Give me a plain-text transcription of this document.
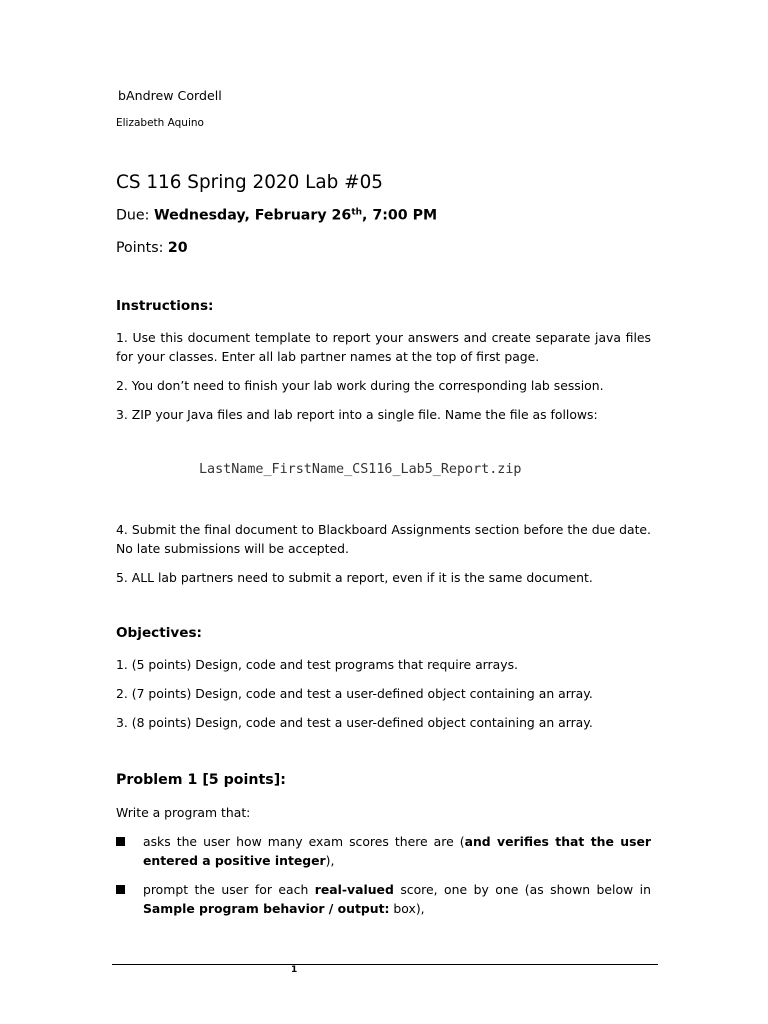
bAndrew Cordell
Elizabeth Aquino
CS 116 Spring 2020 Lab #05
Due: Wednesday, February 26th, 7:00 PM
Points: 20
Instructions:
1. Use this document template to report your answers and create separate java files for your classes. Enter all lab partner names at the top of first page.
2. You don’t need to finish your lab work during the corresponding lab session.
3. ZIP your Java files and lab report into a single file. Name the file as follows:
LastName_FirstName_CS116_Lab5_Report.zip
4. Submit the final document to Blackboard Assignments section before the due date. No late submissions will be accepted.
5. ALL lab partners need to submit a report, even if it is the same document.
Objectives:
1. (5 points) Design, code and test programs that require arrays.
2. (7 points) Design, code and test a user-defined object containing an array.
3. (8 points) Design, code and test a user-defined object containing an array.
Problem 1 [5 points]:
Write a program that:
asks the user how many exam scores there are (and verifies that the user entered a positive integer),
prompt the user for each real-valued score, one by one (as shown below in Sample program behavior / output: box),
1
